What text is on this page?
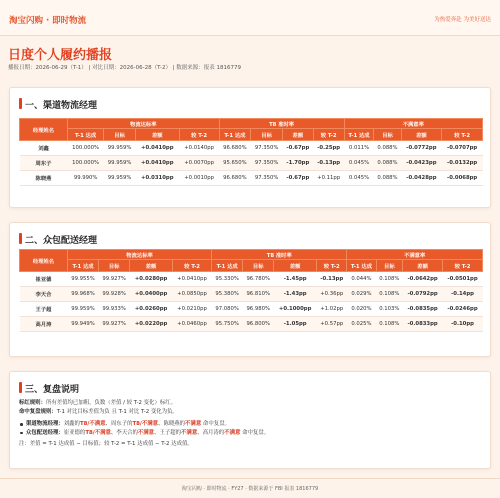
淘宝闪购 · 即时物流	为热爱奔赴 为美好送达
日度个人履约播报
播报日期：2026-06-29（T-1） | 对比日期：2026-06-28（T-2） | 数据来源：报表 1816779
一、渠道物流经理
经理姓名	物流达标率				T8 准时率				不满意率			
	T-1 达成	目标	差额	较 T-2	T-1 达成	目标	差额	较 T-2	T-1 达成	目标	差额	较 T-2
刘鑫	100.000%	99.959%	+0.0410pp	+0.0140pp	96.680%	97.350%	-0.67pp	-0.25pp	0.011%	0.088%	-0.0772pp	-0.0707pp
周东子	100.000%	99.959%	+0.0410pp	+0.0070pp	95.650%	97.350%	-1.70pp	-0.13pp	0.045%	0.088%	-0.0423pp	-0.0132pp
陈晓燕	99.990%	99.959%	+0.0310pp	+0.0010pp	96.680%	97.350%	-0.67pp	+0.11pp	0.045%	0.088%	-0.0428pp	-0.0068pp
二、众包配送经理
经理姓名	物流达标率				T8 准时率				不满意率			
	T-1 达成	目标	差额	较 T-2	T-1 达成	目标	差额	较 T-2	T-1 达成	目标	差额	较 T-2
崔亚德	99.955%	99.927%	+0.0280pp	+0.0410pp	95.330%	96.780%	-1.45pp	-0.13pp	0.044%	0.108%	-0.0642pp	-0.0501pp
李天合	99.968%	99.928%	+0.0400pp	+0.0850pp	95.380%	96.810%	-1.43pp	+0.36pp	0.029%	0.108%	-0.0792pp	-0.14pp
王子超	99.959%	99.933%	+0.0260pp	+0.0210pp	97.080%	96.980%	+0.1000pp	+1.02pp	0.020%	0.103%	-0.0835pp	-0.0246pp
高月涛	99.949%	99.927%	+0.0220pp	+0.0460pp	95.750%	96.800%	-1.05pp	+0.57pp	0.025%	0.108%	-0.0833pp	-0.10pp
三、复盘说明
标红规则：所有差值均已加粗，负数（差值 / 较 T-2 变化）标红。
命中复盘规则：T-1 对比目标差值为负 且 T-1 对比 T-2 变化为负。
渠道物流经理：刘鑫的T8/不满意、周东子的T8/不满意、陈晓燕的不满意 命中复盘。
众包配送经理：崔亚德的T8/不满意、李天合的不满意、王子超的不满意、高月涛的不满意 命中复盘。
注：差值 = T-1 达成值 − 目标值；较 T-2 = T-1 达成值 − T-2 达成值。
淘宝闪购 · 即时物流 · FY27 · 数据来源于 FBI 报表 1816779
